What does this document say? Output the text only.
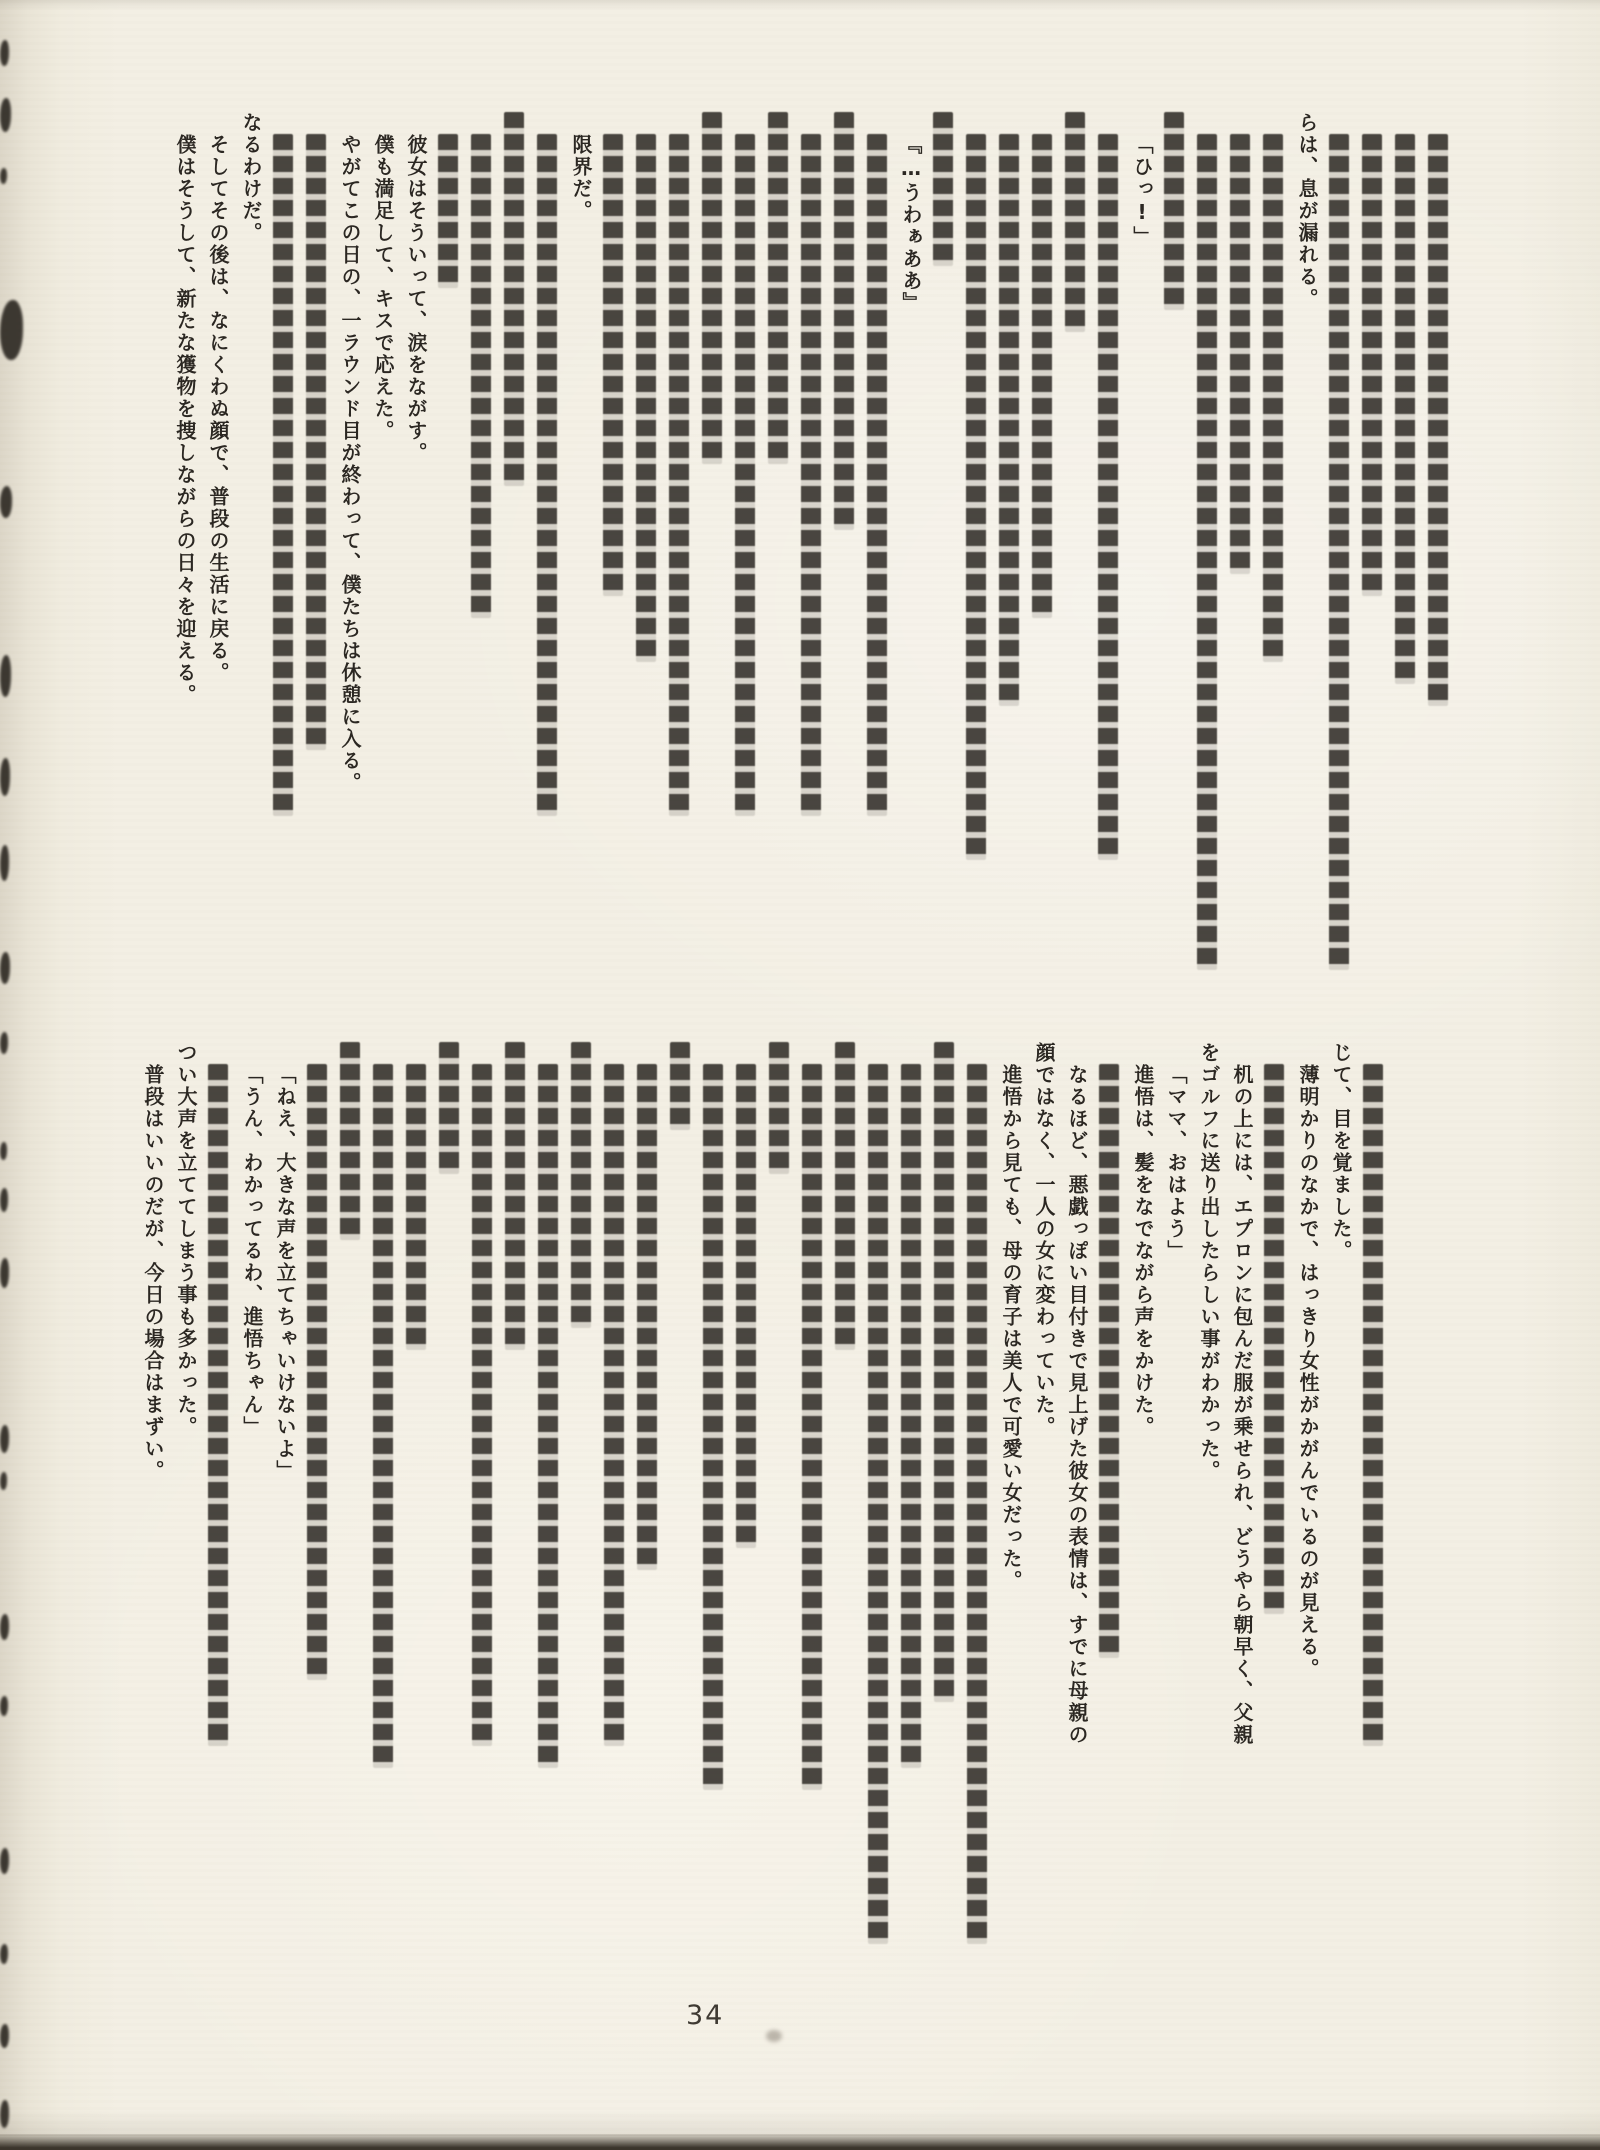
らは、息が漏れる。
「ひっ!」
『…うわぁああ』
限界だ。
彼女はそういって、涙をながす。
僕も満足して、キスで応えた。
やがてこの日の、一ラウンド目が終わって、僕たちは休憩に入る。
なるわけだ。
そしてその後は、なにくわぬ顔で、普段の生活に戻る。
僕はそうして、新たな獲物を捜しながらの日々を迎える。
じて、目を覚ました。
薄明かりのなかで、はっきり女性がかがんでいるのが見える。
机の上には、エプロンに包んだ服が乗せられ、どうやら朝早く、父親
をゴルフに送り出したらしい事がわかった。
「ママ、おはよう」
進悟は、髪をなでながら声をかけた。
なるほど、悪戯っぽい目付きで見上げた彼女の表情は、すでに母親の
顔ではなく、一人の女に変わっていた。
進悟から見ても、母の育子は美人で可愛い女だった。
「ねえ、大きな声を立てちゃいけないよ」
「うん、わかってるわ、進悟ちゃん」
つい大声を立ててしまう事も多かった。
普段はいいのだが、今日の場合はまずい。
34
